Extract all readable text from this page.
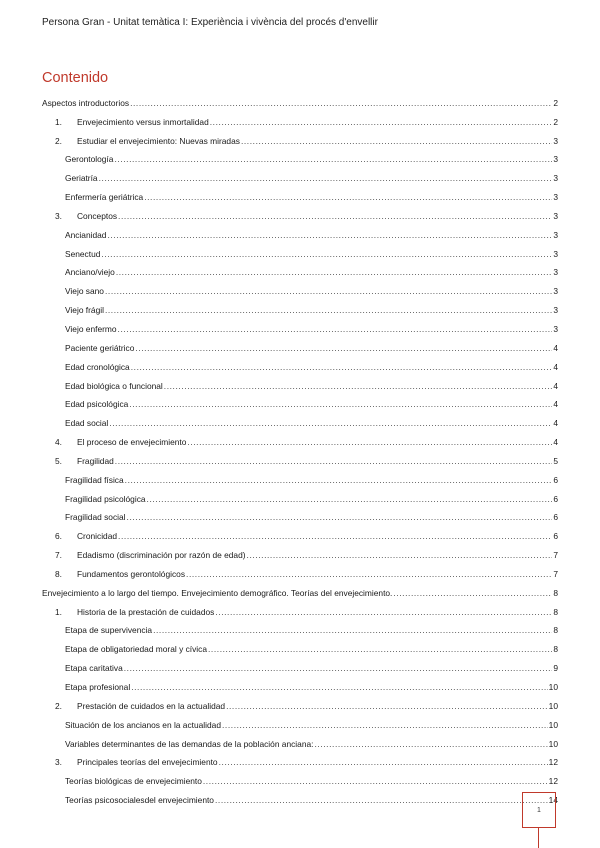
Persona Gran - Unitat temàtica I: Experiència i vivència del procés d'envellir
Contenido
Aspectos introductorios .....	2
1.	Envejecimiento versus inmortalidad .....	2
2.	Estudiar el envejecimiento: Nuevas miradas .....	3
Gerontología .....	3
Geriatría .....	3
Enfermería geriátrica .....	3
3.	Conceptos .....	3
Ancianidad .....	3
Senectud .....	3
Anciano/viejo .....	3
Viejo sano .....	3
Viejo frágil .....	3
Viejo enfermo .....	3
Paciente geriátrico .....	4
Edad cronológica .....	4
Edad biológica o funcional .....	4
Edad psicológica .....	4
Edad social .....	4
4.	El proceso de envejecimiento .....	4
5.	Fragilidad .....	5
Fragilidad física .....	6
Fragilidad psicológica .....	6
Fragilidad social .....	6
6.	Cronicidad .....	6
7.	Edadismo (discriminación por razón de edad) .....	7
8.	Fundamentos gerontológicos .....	7
Envejecimiento a lo largo del tiempo. Envejecimiento demográfico. Teorías del envejecimiento. .....	8
1.	Historia de la prestación de cuidados .....	8
Etapa de supervivencia .....	8
Etapa de obligatoriedad moral y cívica .....	8
Etapa caritativa .....	9
Etapa profesional .....	10
2.	Prestación de cuidados en la actualidad .....	10
Situación de los ancianos en la actualidad .....	10
Variables determinantes de las demandas de la población anciana: .....	10
3.	Principales teorías del envejecimiento .....	12
Teorías biológicas de envejecimiento .....	12
Teorías psicosocialesdel envejecimiento .....	14
1
